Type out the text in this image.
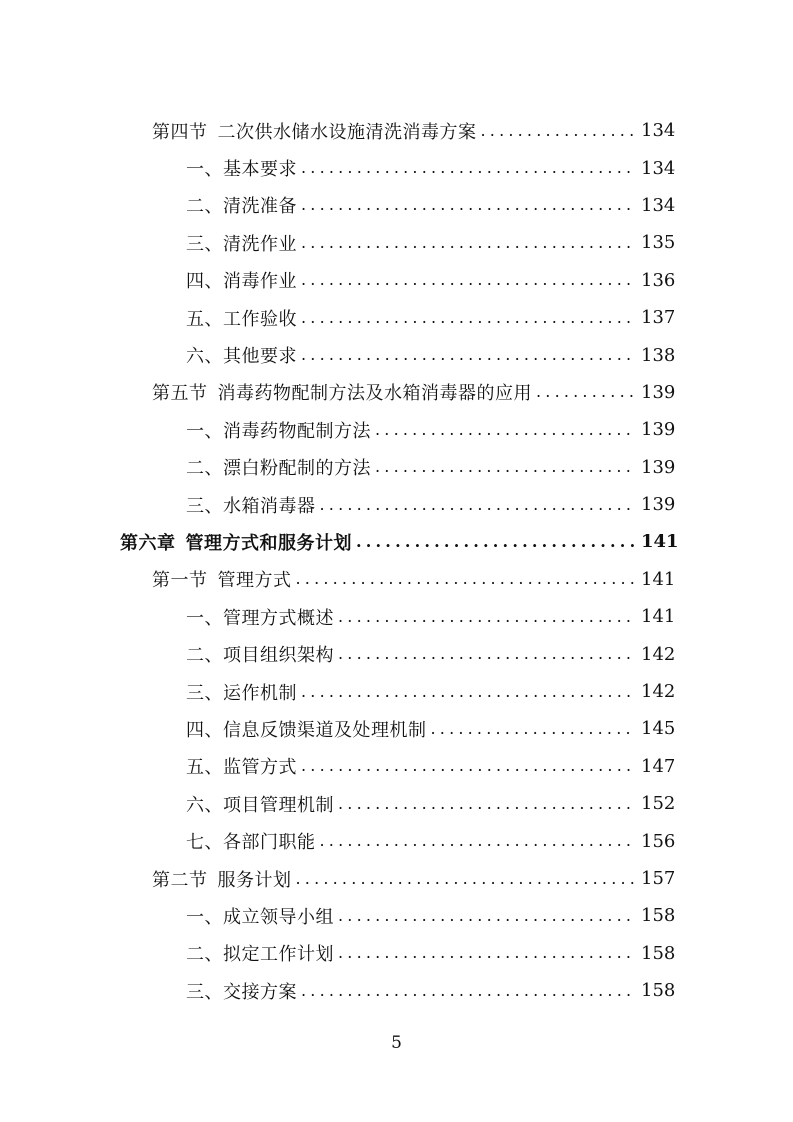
第四节 二次供水储水设施清洗消毒方案 .....	134
一、基本要求 .....	134
二、清洗准备 .....	134
三、清洗作业 .....	135
四、消毒作业 .....	136
五、工作验收 .....	137
六、其他要求 .....	138
第五节 消毒药物配制方法及水箱消毒器的应用 .....	139
一、消毒药物配制方法 .....	139
二、漂白粉配制的方法 .....	139
三、水箱消毒器 .....	139
第六章 管理方式和服务计划 .....	141
第一节 管理方式 .....	141
一、管理方式概述 .....	141
二、项目组织架构 .....	142
三、运作机制 .....	142
四、信息反馈渠道及处理机制 .....	145
五、监管方式 .....	147
六、项目管理机制 .....	152
七、各部门职能 .....	156
第二节 服务计划 .....	157
一、成立领导小组 .....	158
二、拟定工作计划 .....	158
三、交接方案 .....	158
5
